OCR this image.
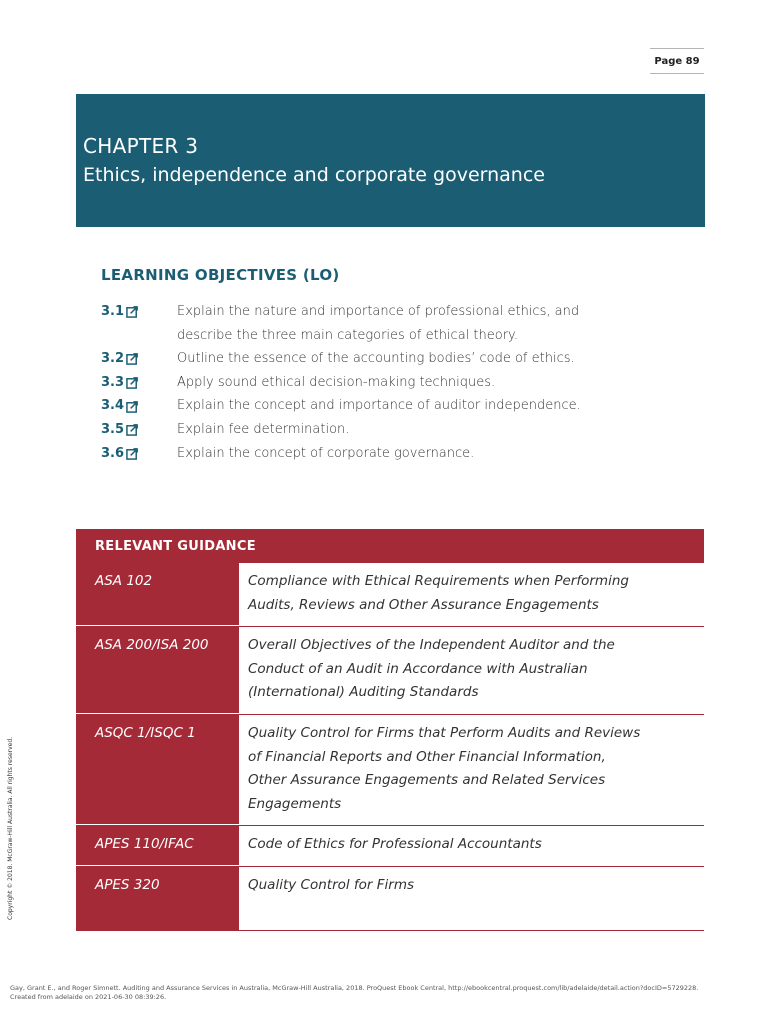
Page 89
CHAPTER 3
Ethics, independence and corporate governance
LEARNING OBJECTIVES (LO)
3.1	Explain the nature and importance of professional ethics, and
describe the three main categories of ethical theory.
3.2	Outline the essence of the accounting bodies’ code of ethics.
3.3	Apply sound ethical decision-making techniques.
3.4	Explain the concept and importance of auditor independence.
3.5	Explain fee determination.
3.6	Explain the concept of corporate governance.
RELEVANT GUIDANCE
ASA 102	Compliance with Ethical Requirements when Performing
Audits, Reviews and Other Assurance Engagements
ASA 200/ISA 200	Overall Objectives of the Independent Auditor and the
Conduct of an Audit in Accordance with Australian
(International) Auditing Standards
ASQC 1/ISQC 1	Quality Control for Firms that Perform Audits and Reviews
of Financial Reports and Other Financial Information,
Other Assurance Engagements and Related Services
Engagements
APES 110/IFAC	Code of Ethics for Professional Accountants
APES 320	Quality Control for Firms

Copyright © 2018. McGraw-Hill Australia. All rights reserved.
Gay, Grant E., and Roger Simnett. Auditing and Assurance Services in Australia, McGraw-Hill Australia, 2018. ProQuest Ebook Central, http://ebookcentral.proquest.com/lib/adelaide/detail.action?docID=5729228.
Created from adelaide on 2021-06-30 08:39:26.
